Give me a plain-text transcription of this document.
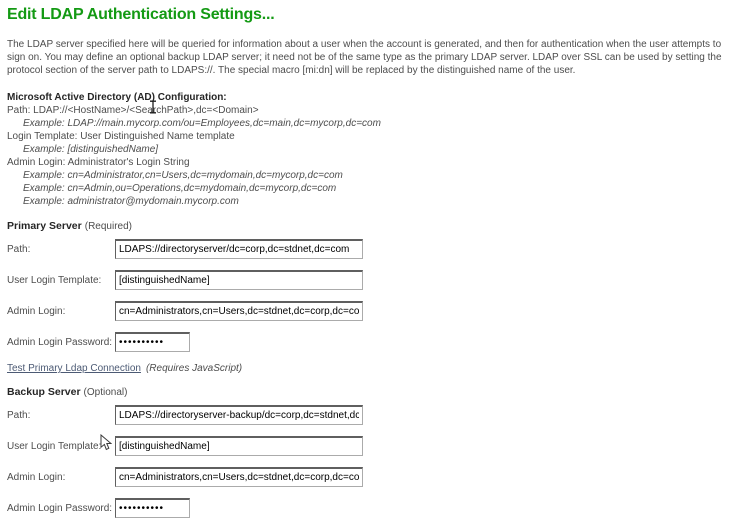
Edit LDAP Authentication Settings...

The LDAP server specified here will be queried for information about a user when the account is generated, and then for authentication when the user attempts to sign on. You may define an optional backup LDAP server; it need not be of the same type as the primary LDAP server. LDAP over SSL can be used by setting the protocol section of the server path to LDAPS://. The special macro [mi:dn] will be replaced by the distinguished name of the user.

Microsoft Active Directory (AD) Configuration:
Path: LDAP://<HostName>/<SearchPath>,dc=<Domain>
Example: LDAP://main.mycorp.com/ou=Employees,dc=main,dc=mycorp,dc=com
Login Template: User Distinguished Name template
Example: [distinguishedName]
Admin Login: Administrator's Login String
Example: cn=Administrator,cn=Users,dc=mydomain,dc=mycorp,dc=com
Example: cn=Admin,ou=Operations,dc=mydomain,dc=mycorp,dc=com
Example: administrator@mydomain.mycorp.com
Primary Server (Required)
Path:
LDAPS://directoryserver/dc=corp,dc=stdnet,dc=com
User Login Template:
[distinguishedName]
Admin Login:
cn=Administrators,cn=Users,dc=stdnet,dc=corp,dc=com
Admin Login Password:
••••••••••
Test Primary Ldap Connection (Requires JavaScript)
Backup Server (Optional)
Path:
LDAPS://directoryserver-backup/dc=corp,dc=stdnet,dc=com
User Login Template:
[distinguishedName]
Admin Login:
cn=Administrators,cn=Users,dc=stdnet,dc=corp,dc=com
Admin Login Password:
••••••••••
